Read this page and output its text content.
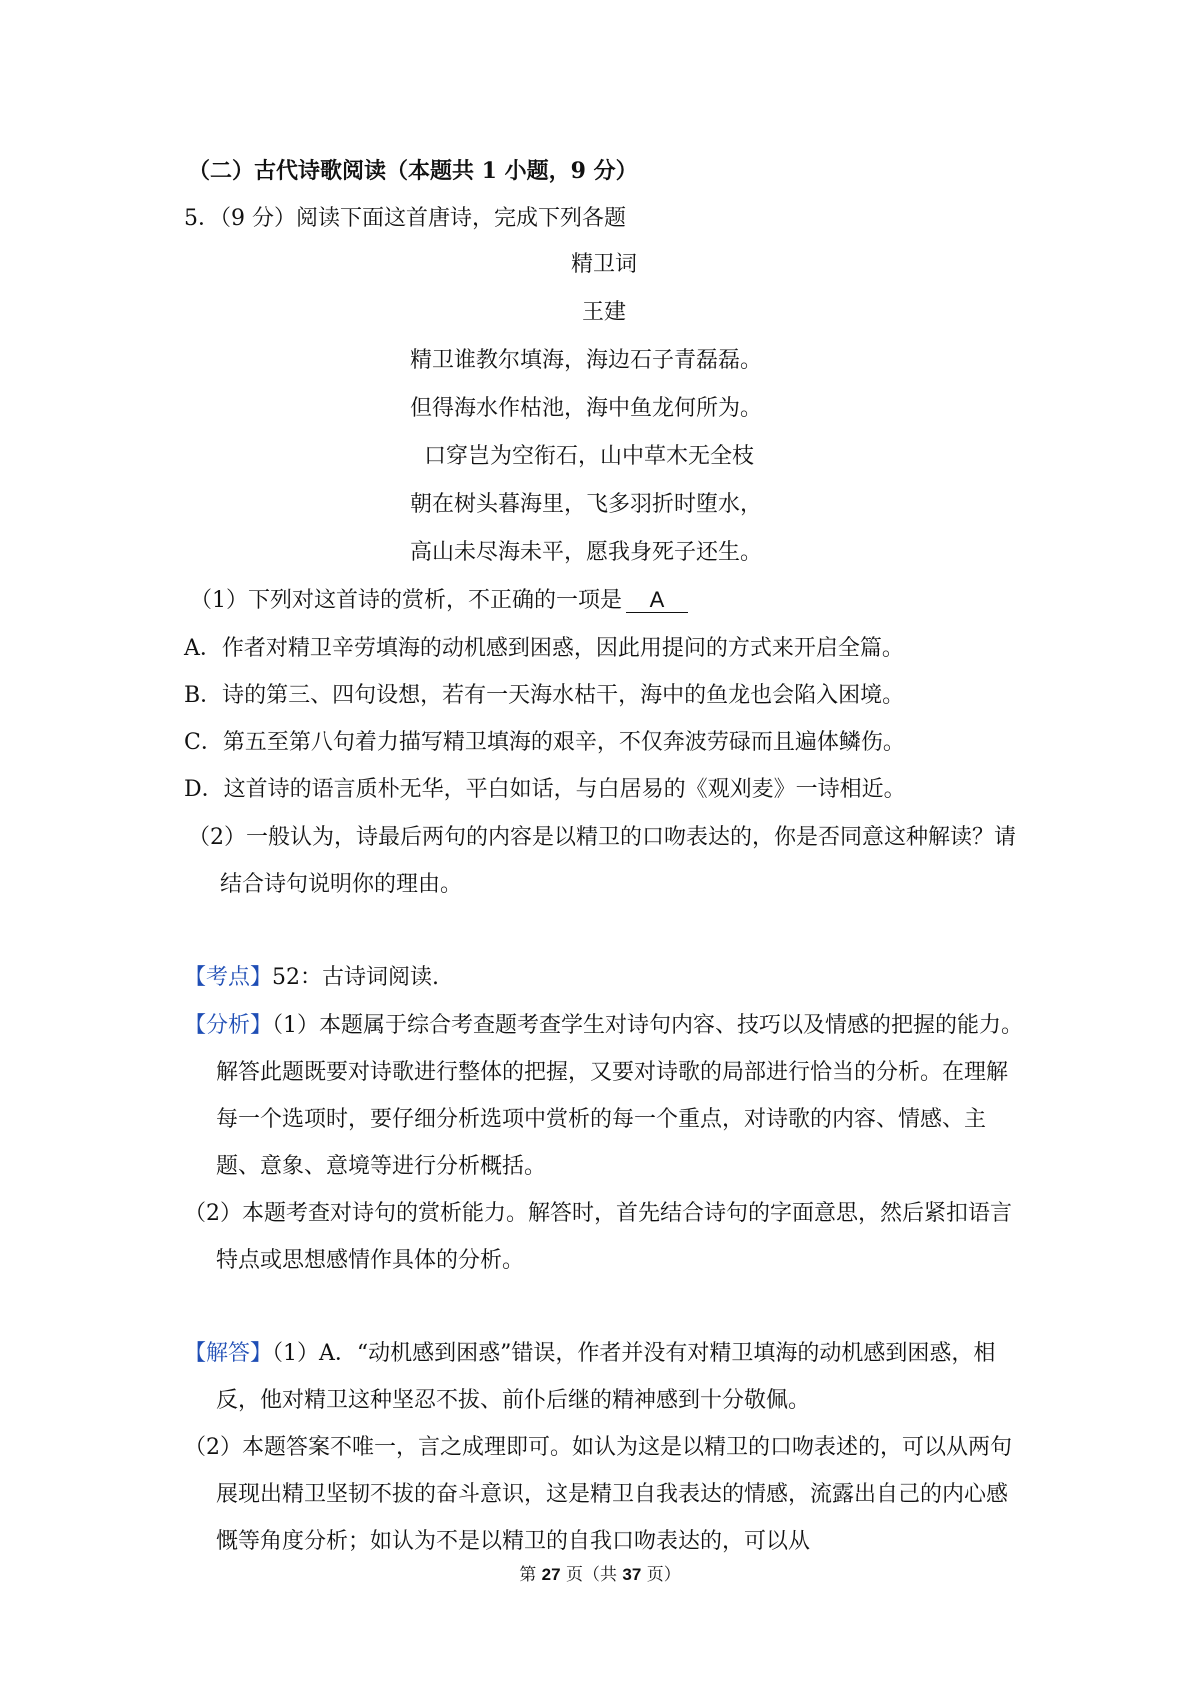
（二）古代诗歌阅读（本题共 1 小题，9 分）
5．（9 分）阅读下面这首唐诗，完成下列各题
精卫词
王建
精卫谁教尔填海，海边石子青磊磊。
但得海水作枯池，海中鱼龙何所为。
口穿岂为空衔石，山中草木无全枝
朝在树头暮海里，飞多羽折时堕水，
高山未尽海未平，愿我身死子还生。
（1）下列对这首诗的赏析，不正确的一项是 A
A．作者对精卫辛劳填海的动机感到困惑，因此用提问的方式来开启全篇。
B．诗的第三、四句设想，若有一天海水枯干，海中的鱼龙也会陷入困境。
C．第五至第八句着力描写精卫填海的艰辛，不仅奔波劳碌而且遍体鳞伤。
D．这首诗的语言质朴无华，平白如话，与白居易的《观刈麦》一诗相近。

（2）一般认为，诗最后两句的内容是以精卫的口吻表达的，你是否同意这种解读？请结合诗句说明你的理由。

【考点】52：古诗词阅读.

【分析】（1）本题属于综合考查题考查学生对诗句内容、技巧以及情感的把握的能力。解答此题既要对诗歌进行整体的把握，又要对诗歌的局部进行恰当的分析。在理解每一个选项时，要仔细分析选项中赏析的每一个重点，对诗歌的内容、情感、主题、意象、意境等进行分析概括。

（2）本题考查对诗句的赏析能力。解答时，首先结合诗句的字面意思，然后紧扣语言特点或思想感情作具体的分析。

【解答】（1）A．“动机感到困惑”错误，作者并没有对精卫填海的动机感到困惑，相反，他对精卫这种坚忍不拔、前仆后继的精神感到十分敬佩。

（2）本题答案不唯一，言之成理即可。如认为这是以精卫的口吻表述的，可以从两句展现出精卫坚韧不拔的奋斗意识，这是精卫自我表达的情感，流露出自己的内心感慨等角度分析；如认为不是以精卫的自我口吻表达的，可以从

第 27 页（共 37 页）
